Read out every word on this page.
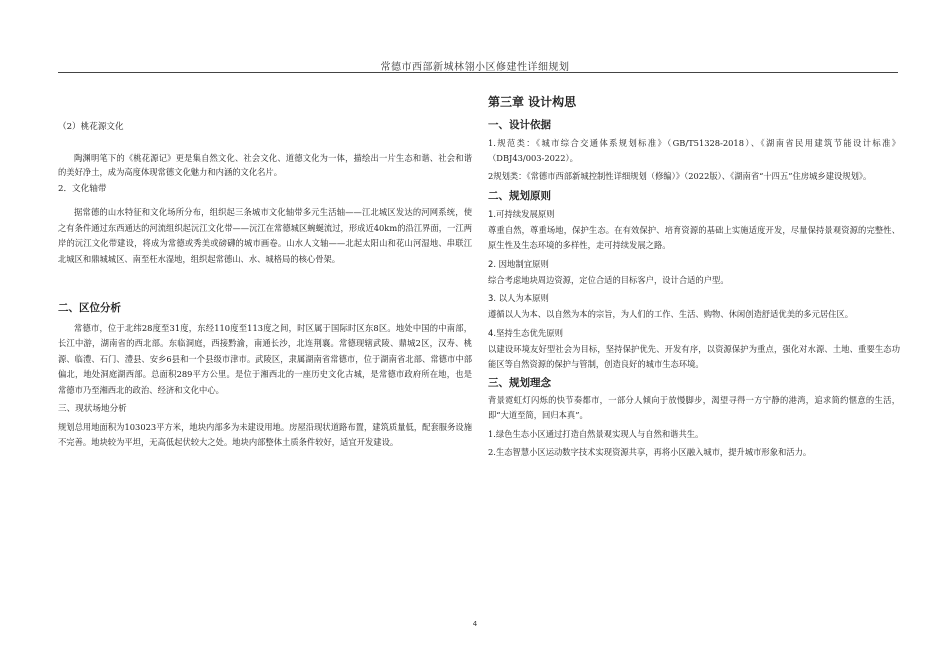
常德市西部新城林翎小区修建性详细规划

（2）桃花源文化

陶渊明笔下的《桃花源记》更是集自然文化、社会文化、道德文化为一体，描绘出一片生态和谐、社会和谐的美好净土，成为高度体现常德文化魅力和内涵的文化名片。

2．文化轴带

据常德的山水特征和文化场所分布，组织起三条城市文化轴带多元生活轴——江北城区发达的河网系统，使之有条件通过东西通达的河流组织起沅江文化带——沅江在常德城区蜿蜒流过，形成近40km的沿江界面，一江两岸的沅江文化带建设，将成为常德或秀美或磅礴的城市画卷。山水人文轴——北起太阳山和花山河湿地、串联江北城区和鼎城城区、南至枉水湿地，组织起常德山、水、城格局的核心骨架。

二、区位分析

常德市，位于北纬28度至31度，东经110度至113度之间，时区属于国际时区东8区。地处中国的中南部，长江中游，湖南省的西北部。东临洞庭，西接黔渝，南通长沙，北连荆襄。常德现辖武陵、鼎城2区，汉寿、桃源、临澧、石门、澧县、安乡6县和一个县级市津市。武陵区，隶属湖南省常德市，位于湖南省北部、常德市中部偏北，地处洞庭湖西部。总面积289平方公里。是位于湘西北的一座历史文化古城，是常德市政府所在地，也是常德市乃至湘西北的政治、经济和文化中心。

三、现状场地分析

规划总用地面积为103023平方米，地块内部多为未建设用地。房屋沿现状道路布置，建筑质量低，配套服务设施不完善。地块较为平坦，无高低起伏较大之处。地块内部整体土质条件较好，适宜开发建设。

第三章 设计构思

一、设计依据

1.规范类：《城市综合交通体系规划标准》（GB/T51328-2018）、《湖南省民用建筑节能设计标准》（DBJ43/003-2022）。

2规划类：《常德市西部新城控制性详细规划（修编）》（2022版）、《湖南省“十四五”住房城乡建设规划》。

二、规划原则

1.可持续发展原则

尊重自然，尊重场地，保护生态。在有效保护、培育资源的基础上实施适度开发，尽量保持景观资源的完整性、原生性及生态环境的多样性，走可持续发展之路。

2. 因地制宜原则

综合考虑地块周边资源，定位合适的目标客户，设计合适的户型。

3. 以人为本原则

遵循以人为本、以自然为本的宗旨，为人们的工作、生活、购物、休闲创造舒适优美的多元居住区。

4.坚持生态优先原则

以建设环境友好型社会为目标，坚持保护优先、开发有序，以资源保护为重点，强化对水源、土地、重要生态功能区等自然资源的保护与管制，创造良好的城市生态环境。

三、规划理念

背景霓虹灯闪烁的快节奏都市，一部分人倾向于放慢脚步，渴望寻得一方宁静的港湾，追求简约惬意的生活，即“大道至简，回归本真”。

1.绿色生态小区通过打造自然景观实现人与自然和谐共生。

2.生态智慧小区运动数字技术实现资源共享，再将小区融入城市，提升城市形象和活力。

4
